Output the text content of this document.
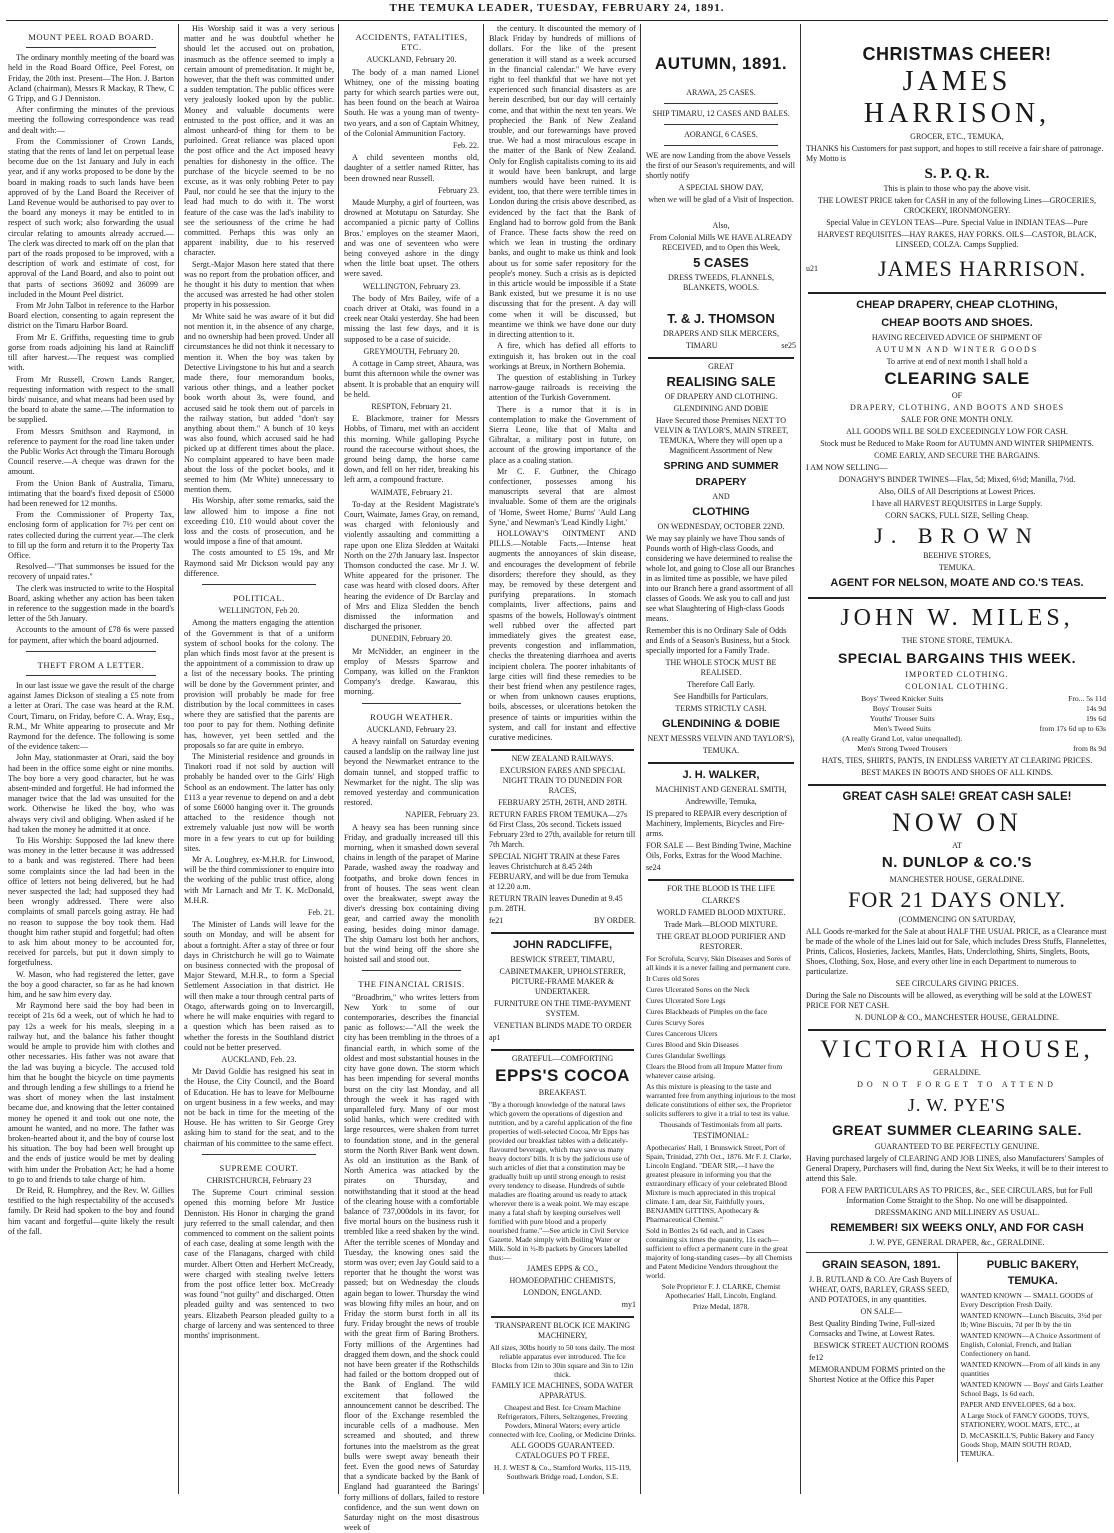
THE TEMUKA LEADER, TUESDAY, FEBRUARY 24, 1891.
MOUNT PEEL ROAD BOARD.

The ordinary monthly meeting of the board was held in the Road Board Office, Peel Forest, on Friday, the 20th inst. Present—The Hon. J. Barton Acland (chairman), Messrs R Mackay, R Thew, C G Tripp, and G J Denniston.

After confirming the minutes of the previous meeting the following correspondence was read and dealt with:—

From the Commissioner of Crown Lands, stating that the rents of land let on perpetual lease become due on the 1st January and July in each year, and if any works proposed to be done by the board in making roads to such lands have been approved of by the Land Board the Receiver of Land Revenue would be authorised to pay over to the board any moneys it may be entitled to in respect of such work; also forwarding the usual circular relating to amounts already accrued.—The clerk was directed to mark off on the plan that part of the roads proposed to be improved, with a description of work and estimate of cost, for approval of the Land Board, and also to point out that parts of sections 36092 and 36099 are included in the Mount Peel district.

From Mr John Talbot in reference to the Harbor Board election, consenting to again represent the district on the Timaru Harbor Board.

From Mr E. Griffiths, requesting time to grub gorse from roads adjoining his land at Raincliff till after harvest.—The request was complied with.

From Mr Russell, Crown Lands Ranger, requesting information with respect to the small birds' nuisance, and what means had been used by the board to abate the same.—The information to be supplied.

From Messrs Smithson and Raymond, in reference to payment for the road line taken under the Public Works Act through the Timaru Borough Council reserve.—A cheque was drawn for the amount.

From the Union Bank of Australia, Timaru, intimating that the board's fixed deposit of £5000 had been renewed for 12 months.

From the Commissioner of Property Tax, enclosing form of application for 7½ per cent on rates collected during the current year.—The clerk to fill up the form and return it to the Property Tax Office.

Resolved—"That summonses be issued for the recovery of unpaid rates."

The clerk was instructed to write to the Hospital Board, asking whether any action has been taken in reference to the suggestion made in the board's letter of the 5th January.

Accounts to the amount of £78 6s were passed for payment, after which the board adjourned.

THEFT FROM A LETTER.

In our last issue we gave the result of the charge against James Dickson of stealing a £5 note from a letter at Orari. The case was heard at the R.M. Court, Timaru, on Friday, before C. A. Wray, Esq., R.M., Mr White appearing to prosecute and Mr Raymond for the defence. The following is some of the evidence taken:—

John May, stationmaster at Orari, said the boy had been in the office some eight or nine months. The boy bore a very good character, but he was absent-minded and forgetful. He had informed the manager twice that the lad was unsuited for the work. Otherwise he liked the boy, who was always very civil and obliging. When asked if he had taken the money he admitted it at once.

To His Worship: Supposed the lad knew there was money in the letter because it was addressed to a bank and was registered. There had been some complaints since the lad had been in the office of letters not being delivered, but he had never suspected the lad; had supposed they had been wrongly addressed. There were also complaints of small parcels going astray. He had no reason to suppose the boy took them. Had thought him rather stupid and forgetful; had often to ask him about money to be accounted for, received for parcels, but put it down simply to forgetfulness.

W. Mason, who had registered the letter, gave the boy a good character, so far as he had known him, and he saw him every day.

Mr Raymond here said the boy had been in receipt of 21s 6d a week, out of which he had to pay 12s a week for his meals, sleeping in a railway hut, and the balance his father thought would be ample to provide him with clothes and other necessaries. His father was not aware that the lad was buying a bicycle. The accused told him that he bought the bicycle on time payments and through lending a few shillings to a friend he was short of money when the last instalment became due, and knowing that the letter contained money he opened it and took out one note, the amount he wanted, and no more. The father was broken-hearted about it, and the boy of course lost his situation. The boy had been well brought up and the ends of justice would be met by dealing with him under the Probation Act; he had a home to go to and friends to take charge of him.

Dr Reid, R. Humphrey, and the Rev. W. Gillies testified to the high respectability of the accused's family. Dr Reid had spoken to the boy and found him vacant and forgetful—quite likely the result of the fall.

His Worship said it was a very serious matter and he was doubtful whether he should let the accused out on probation, inasmuch as the offence seemed to imply a certain amount of premeditation. It might be, however, that the theft was committed under a sudden temptation. The public offices were very jealously looked upon by the public. Money and valuable documents were entrusted to the post office, and it was an almost unheard-of thing for them to be purloined. Great reliance was placed upon the post office and the Act imposed heavy penalties for dishonesty in the office. The purchase of the bicycle seemed to be no excuse, as it was only robbing Peter to pay Paul, nor could he see that the injury to the lead had much to do with it. The worst feature of the case was the lad's inability to see the seriousness of the crime he had committed. Perhaps this was only an apparent inability, due to his reserved character.

Sergt.-Major Mason here stated that there was no report from the probation officer, and he thought it his duty to mention that when the accused was arrested he had other stolen property in his possession.

Mr White said he was aware of it but did not mention it, in the absence of any charge, and no ownership had been proved. Under all circumstances he did not think it necessary to mention it. When the boy was taken by Detective Livingstone to his hut and a search made there, four memorandum books, various other things, and a leather pocket book worth about 3s, were found, and accused said he took them out of parcels in the railway station, but added "don't say anything about them." A bunch of 10 keys was also found, which accused said he had picked up at different times about the place. No complaint appeared to have been made about the loss of the pocket books, and it seemed to him (Mr White) unnecessary to mention them.

His Worship, after some remarks, said the law allowed him to impose a fine not exceeding £10. £10 would about cover the loss and the costs of prosecution, and he would impose a fine of that amount.

The costs amounted to £5 19s, and Mr Raymond said Mr Dickson would pay any difference.

POLITICAL.
WELLINGTON, Feb 20.

Among the matters engaging the attention of the Government is that of a uniform system of school books for the colony. The plan which finds most favor at the present is the appointment of a commission to draw up a list of the necessary books. The printing will be done by the Government printer, and provision will probably be made for free distribution by the local committees in cases where they are satisfied that the parents are too poor to pay for them. Nothing definite has, however, yet been settled and the proposals so far are quite in embryo.

The Ministerial residence and grounds in Tinakori road if not sold by auction will probably be handed over to the Girls' High School as an endowment. The latter has only £113 a year revenue to depend on and a debt of some £6000 hanging over it. The grounds attached to the residence though not extremely valuable just now will be worth more in a few years to cut up for building sites.

Mr A. Loughrey, ex-M.H.R. for Linwood, will be the third commissioner to enquire into the working of the public trust office, along with Mr Larnach and Mr T. K. McDonald, M.H.R.

Feb. 21.

The Minister of Lands will leave for the south on Monday, and will be absent for about a fortnight. After a stay of three or four days in Christchurch he will go to Waimate on business connected with the proposal of Major Steward, M.H.R., to form a Special Settlement Association in that district. He will then make a tour through central parts of Otago, afterwards going on to Invercargill, where he will make enquiries with regard to a question which has been raised as to whether the forests in the Southland district could not be better preserved.

AUCKLAND, Feb. 23.

Mr David Goldie has resigned his seat in the House, the City Council, and the Board of Education. He has to leave for Melbourne on urgent business in a few weeks, and may not be back in time for the meeting of the House. He has written to Sir George Grey asking him to stand for the seat, and to the chairman of his committee to the same effect.

SUPREME COURT.
CHRISTCHURCH, February 23

The Supreme Court criminal session opened this morning before Mr Justice Denniston. His Honor in charging the grand jury referred to the small calendar, and then commenced to comment on the salient points of each case, dealing at some length with the case of the Flanagans, charged with child murder. Albert Otten and Herbert McCready, were charged with stealing twelve letters from the post office letter box. McCready was found "not guilty" and discharged. Otten pleaded guilty and was sentenced to two years. Elizabeth Pearson pleaded guilty to a charge of larceny and was sentenced to three months' imprisonment.

ACCIDENTS, FATALITIES, ETC.
AUCKLAND, February 20.

The body of a man named Lionel Whitney, one of the missing boating party for which search parties were out, has been found on the beach at Wairoa South. He was a young man of twenty-two years, and a son of Captain Whitney, of the Colonial Ammunition Factory.

Feb. 22.

A child seventeen months old, daughter of a settler named Ritter, has been drowned near Russell.

February 23.

Maude Murphy, a girl of fourteen, was drowned at Motutapu on Saturday. She accompanied a picnic party of Collins Bros.' employes on the steamer Maori, and was one of seventeen who were being conveyed ashore in the dingy when the little boat upset. The others were saved.

WELLINGTON, February 23.

The body of Mrs Bailey, wife of a coach driver at Otaki, was found in a creek near Otaki yesterday. She had been missing the last few days, and it is supposed to be a case of suicide.

GREYMOUTH, February 20.

A cottage in Camp street, Ahaura, was burnt this afternoon while the owner was absent. It is probable that an enquiry will be held.

RESPTON, February 21.

E. Blackmore, trainer for Messrs Hobbs, of Timaru, met with an accident this morning. While galloping Psyche round the racecourse without shoes, the ground being damp, the horse came down, and fell on her rider, breaking his left arm, a compound fracture.

WAIMATE, February 21.

To-day at the Resident Magistrate's Court, Waimate, James Gray, on remand, was charged with feloniously and violently assaulting and committing a rape upon one Eliza Sledden at Waitaki North on the 27th January last. Inspector Thomson conducted the case. Mr J. W. White appeared for the prisoner. The case was heard with closed doors. After hearing the evidence of Dr Barclay and of Mrs and Eliza Sledden the bench dismissed the information and discharged the prisoner.

DUNEDIN, February 20.

Mr McNidder, an engineer in the employ of Messrs Sparrow and Company, was killed on the Frankton Company's dredge. Kawarau, this morning.

ROUGH WEATHER.
AUCKLAND, February 23.

A heavy rainfall on Saturday evening caused a landslip on the railway line just beyond the Newmarket entrance to the domain tunnel, and stopped traffic to Newmarket for the night. The slip was removed yesterday and communication restored.

NAPIER, February 23.

A heavy sea has been running since Friday, and gradually increased till this morning, when it smashed down several chains in length of the parapet of Marine Parade, washed away the roadway and footpaths, and broke down fences in front of houses. The seas went clean over the breakwater, swept away the diver's dressing box containing diving gear, and carried away the monolith easing, besides doing minor damage. The ship Oamaru lost both her anchors, but the wind being off the shore she hoisted sail and stood out.

THE FINANCIAL CRISIS.

"Broadbrim," who writes letters from New York to some of our contemporaries, describes the financial panic as follows:—"All the week the city has been trembling in the throes of a financial earth, in which some of the oldest and most substantial houses in the city have gone down. The storm which has been impending for several months burst on the city last Monday, and all through the week it has raged with unparalleled fury. Many of our most solid banks, which were credited with large resources, were shaken from turret to foundation stone, and in the general storm the North River Bank went down. As old an institution as the Bank of North America was attacked by the pirates on Thursday, and notwithstanding that it stood at the head of the clearing house with a comfortable balance of 737,000dols in its favor, for five mortal hours on the business rush it trembled like a reed shaken by the wind. After the terrible scenes of Monday and Tuesday, the knowing ones said the storm was over; even Jay Gould said to a reporter that he thought the worst was passed; but on Wednesday the clouds again began to lower. Thursday the wind was blowing fifty miles an hour, and on Friday the storm burst forth in all its fury. Friday brought the news of trouble with the great firm of Baring Brothers. Forty millions of the Argentines had dragged them down, and the shock could not have been greater if the Rothschilds had failed or the bottom dropped out of the Bank of England. The wild excitement that followed the announcement cannot be described. The floor of the Exchange resembled the incurable cells of a madhouse. Men screamed and shouted, and threw fortunes into the maelstrom as the great bulls were swept away beneath their feet. Even the good news of Saturday that a syndicate backed by the Bank of England had guaranteed the Barings' forty millions of dollars, failed to restore confidence, and the sun went down on Saturday night on the most disastrous week of

the century. It discounted the memory of Black Friday by hundreds of millions of dollars. For the like of the present generation it will stand as a week accursed in the financial calendar." We have every right to feel thankful that we have not yet experienced such financial disasters as are herein described, but our day will certainly come, and that within the next ten years. We prophecied the Bank of New Zealand trouble, and our forewarnings have proved true. We had a most miraculous escape in the matter of the Bank of New Zealand. Only for English capitalists coming to its aid it would have been bankrupt, and large numbers would have been ruined. It is evident, too, that there were terrible times in London during the crisis above described, as evidenced by the fact that the Bank of England had to borrow gold from the Bank of France. These facts show the reed on which we lean in trusting the ordinary banks, and ought to make us think and look about us for some safer repository for the people's money. Such a crisis as is depicted in this article would be impossible if a State Bank existed, but we presume it is no use discussing that for the present. A day will come when it will be discussed, but meantime we think we have done our duty in directing attention to it.

A fire, which has defied all efforts to extinguish it, has broken out in the coal workings at Breux, in Northern Bohemia.

The question of establishing in Turkey narrow-gauge railroads is receiving the attention of the Turkish Government.

There is a rumor that it is in contemplation to make the Government of Sierra Leone, like that of Malta and Gibraltar, a military post in future, on account of the growing importance of the place as a coaling station.

Mr C. F. Gutbner, the Chicago confectioner, possesses among his manuscripts several that are almost invaluable. Some of them are the originals of 'Home, Sweet Home,' Burns' 'Auld Lang Syne,' and Newman's 'Lead Kindly Light.'

HOLLOWAY'S OINTMENT AND PILLS.—Notable Facts.—Intense heat augments the annoyances of skin disease, and encourages the development of febrile disorders; therefore they should, as they may, be removed by these detergent and purifying preparations. In stomach complaints, liver affections, pains and spasms of the bowels, Holloway's ointment well rubbed over the affected part immediately gives the greatest ease, prevents congestion and inflammation, checks the threatening diarrhoea and averts incipient cholera. The poorer inhabitants of large cities will find these remedies to be their best friend when any pestilence rages, or when from unknown causes eruptions, boils, abscesses, or ulcerations betoken the presence of taints or impurities within the system, and call for instant and effective curative medicines.

NEW ZEALAND RAILWAYS.

EXCURSION FARES AND SPECIAL NIGHT TRAIN TO DUNEDIN FOR RACES,

FEBRUARY 25TH, 26TH, AND 28TH.

RETURN FARES FROM TEMUKA—27s 6d First Class, 20s second. Tickets issued February 23rd to 27th, available for return till 7th March.

SPECIAL NIGHT TRAIN at these Fares leaves Christchurch at 8.45 24th FEBRUARY, and will be due from Temuka at 12.20 a.m.

RETURN TRAIN leaves Dunedin at 9.45 p.m. 28TH.

fe21	BY ORDER.

JOHN RADCLIFFE,

BESWICK STREET, TIMARU,

CABINETMAKER, UPHOLSTERER, PICTURE-FRAME MAKER & UNDERTAKER.

FURNITURE ON THE TIME-PAYMENT SYSTEM.

VENETIAN BLINDS MADE TO ORDER

ap1

GRATEFUL—COMFORTING

EPPS'S COCOA

BREAKFAST.

"By a thorough knowledge of the natural laws which govern the operations of digestion and nutrition, and by a careful application of the fine properties of well-selected Cocoa, Mr Epps has provided our breakfast tables with a delicately-flavoured beverage, which may save us many heavy doctors' bills. It is by the judicious use of such articles of diet that a constitution may be gradually built up until strong enough to resist every tendency to disease. Hundreds of subtle maladies are floating around us ready to attack wherever there is a weak point. We may escape many a fatal shaft by keeping ourselves well fortified with pure blood and a properly nourished frame."—See article in Civil Service Gazette. Made simply with Boiling Water or Milk. Sold in ½-lb packets by Grocers labelled thus:—

JAMES EPPS & CO.,

HOMOEOPATHIC CHEMISTS,

LONDON, ENGLAND.

my1

TRANSPARENT BLOCK ICE MAKING MACHINERY,

All sizes, 30lbs hourly to 50 tons daily. The most reliable apparatus ever introduced. The Ice Blocks from 12in to 30in square and 3in to 12in thick.

FAMILY ICE MACHINES, SODA WATER APPARATUS.

Cheapest and Best. Ice Cream Machine Refrigerators, Filters, Seltzogenes, Freezing Powders, Mineral Waters; every article connected with Ice, Cooling, or Medicine Drinks.

ALL GOODS GUARANTEED. CATALOGUES PO T FREE.

H. J. WEST & Co., Stamford Works, 115-119, Southwark Bridge road, London, S.E.

AUTUMN, 1891.

ARAWA, 25 CASES.

SHIP TIMARU, 12 CASES AND BALES.

AORANGI, 6 CASES.

WE are now Landing from the above Vessels the first of our Season's requirements, and will shortly notify

A SPECIAL SHOW DAY,

when we will be glad of a Visit of Inspection.

Also,

From Colonial Mills WE HAVE ALREADY RECEIVED, and to Open this Week,

5 CASES

DRESS TWEEDS, FLANNELS, BLANKETS, WOOLS.

T. & J. THOMSON

DRAPERS AND SILK MERCERS,

TIMARU	se25

GREAT

REALISING SALE

OF DRAPERY AND CLOTHING.

GLENDINING AND DOBIE

Have Secured those Premises NEXT TO VELVIN & TAYLOR'S, MAIN STREET, TEMUKA, Where they will open up a Magnificent Assortment of New

SPRING AND SUMMER DRAPERY

AND

CLOTHING

ON WEDNESDAY, OCTOBER 22ND.

We may say plainly we have Thou sands of Pounds worth of High-class Goods, and considering we have determined to realise the whole lot, and going to Close all our Branches in as limited time as possible, we have piled into our Branch here a grand assortment of all classes of Goods. We ask you to call and just see what Slaughtering of High-class Goods means.

Remember this is no Ordinary Sale of Odds and Ends of a Season's Business, but a Stock specially imported for a Family Trade.

THE WHOLE STOCK MUST BE REALISED.

Therefore Call Early.

See Handbills for Particulars.

TERMS STRICTLY CASH.

GLENDINING & DOBIE

NEXT MESSRS VELVIN AND TAYLOR'S),

TEMUKA.

J. H. WALKER,

MACHINIST AND GENERAL SMITH,

Andrewville, Temuka,

IS prepared to REPAIR every description of Machinery, Implements, Bicycles and Fire-arms.

FOR SALE — Best Binding Twine, Machine Oils, Forks, Extras for the Wood Machine.

se24

FOR THE BLOOD IS THE LIFE

CLARKE'S

WORLD FAMED BLOOD MIXTURE.

Trade Mark—BLOOD MIXTURE.

THE GREAT BLOOD PURIFIER AND RESTORER.

For Scrofula, Scurvy, Skin Diseases and Sores of all kinds it is a never failing and permanent cure.

It Cures old Sores

Cures Ulcerated Sores on the Neck

Cures Ulcerated Sore Legs

Cures Blackheads of Pimples on the face

Cures Scurvy Sores

Cures Cancerous Ulcers

Cures Blood and Skin Diseases

Cures Glandular Swellings

Clears the Blood from all Impure Matter from whatever cause arising.

As this mixture is pleasing to the taste and warranted free from anything injurious to the most delicate constitutions of either sex, the Proprietor solicits sufferers to give it a trial to test its value.

Thousands of Testimonials from all parts.

TESTIMONIAL:

Apothecaries' Hall, 1 Brunswick Street, Port of Spain, Trinidad, 27th Oct., 1876. Mr F. J. Clarke, Lincoln England. "DEAR SIR,—I have the greatest pleasure in informing you that the extraordinary efficacy of your celebrated Blood Mixture is much appreciated in this tropical climate. I am, dear Sir, Faithfully yours, BENJAMIN GITTINS, Apothecary & Pharmaceutical Chemist."

Sold in Bottles 2s 6d each, and in Cases containing six times the quantity, 11s each—sufficient to effect a permanent cure in the great majority of long-standing cases—by all Chemists and Patent Medicine Vendors throughout the world.

Sole Proprietor F. J. CLARKE, Chemist Apothecaries' Hall, Lincoln, England.

Prize Medal, 1878.

CHRISTMAS CHEER!

JAMES HARRISON,

GROCER, ETC., TEMUKA,

THANKS his Customers for past support, and hopes to still receive a fair share of patronage. My Motto is

S. P. Q. R.

This is plain to those who pay the above visit.

THE LOWEST PRICE taken for CASH in any of the following Lines—GROCERIES, CROCKERY, IRONMONGERY.

Special Value in CEYLON TEAS—Pure. Special Value in INDIAN TEAS—Pure

HARVEST REQUISITES—HAY RAKES, HAY FORKS. OILS—CASTOR, BLACK, LINSEED, COLZA. Camps Supplied.

u21	JAMES HARRISON.

CHEAP DRAPERY, CHEAP CLOTHING,

CHEAP BOOTS AND SHOES.

HAVING RECEIVED ADVICE OF SHIPMENT OF

AUTUMN AND WINTER GOODS

To arrive at end of next month I shall hold a

CLEARING SALE

OF

DRAPERY, CLOTHING, AND BOOTS AND SHOES

SALE FOR ONE MONTH ONLY.

ALL GOODS WILL BE SOLD EXCEEDINGLY LOW FOR CASH.

Stock must be Reduced to Make Room for AUTUMN AND WINTER SHIPMENTS.

COME EARLY, AND SECURE THE BARGAINS.

I AM NOW SELLING—

DONAGHY'S BINDER TWINES—Flax, 5d; Mixed, 6½d; Manilla, 7½d.

Also, OILS of All Descriptions at Lowest Prices.

I have all HARVEST REQUISITES in Large Supply.

CORN SACKS, FULL SIZE, Selling Cheap.

J. BROWN

BEEHIVE STORES,

TEMUKA.

AGENT FOR NELSON, MOATE AND CO.'S TEAS.

JOHN W. MILES,

THE STONE STORE, TEMUKA.

SPECIAL BARGAINS THIS WEEK.

IMPORTED CLOTHING.

COLONIAL CLOTHING.

Boys' Tweed Knicker Suits	Fro... 5s 11d
Boys' Trouser Suits	14s 9d
Youths' Trouser Suits	19s 6d
Men's Tweed Suits	from 17s 6d up to 63s
(A really Grand Lot, value unequalled).	
Men's Strong Tweed Trousers	from 8s 9d

HATS, TIES, SHIRTS, PANTS, IN ENDLESS VARIETY AT CLEARING PRICES.

BEST MAKES IN BOOTS AND SHOES OF ALL KINDS.

GREAT CASH SALE! GREAT CASH SALE!

NOW ON

AT

N. DUNLOP & CO.'S

MANCHESTER HOUSE, GERALDINE.

FOR 21 DAYS ONLY.

(COMMENCING ON SATURDAY,

ALL Goods re-marked for the Sale at about HALF THE USUAL PRICE, as a Clearance must be made of the whole of the Lines laid out for Sale, which includes Dress Stuffs, Flannelettes, Prints, Calicos, Hosieries, Jackets, Mantles, Hats, Underclothing, Shirts, Singlets, Boots, Shoes, Clothing, Sox, Hose, and every other line in each Department to numerous to particularize.

SEE CIRCULARS GIVING PRICES.

During the Sale no Discounts will be allowed, as everything will be sold at the LOWEST PRICE FOR NET CASH.

N. DUNLOP & CO., MANCHESTER HOUSE, GERALDINE.

VICTORIA HOUSE,

GERALDINE.

DO NOT FORGET TO ATTEND

J. W. PYE'S

GREAT SUMMER CLEARING SALE.

GUARANTEED TO BE PERFECTLY GENUINE.

Having purchased largely of CLEARING AND JOB LINES, also Manufacturers' Samples of General Drapery, Purchasers will find, during the Next Six Weeks, it will be to their interest to attend this Sale.

FOR A FEW PARTICULARS AS TO PRICES, &c., SEE CIRCULARS, but for Full Information Come Straight to the Shop. No one will be disappointed.

DRESSMAKING AND MILLINERY AS USUAL.

REMEMBER! SIX WEEKS ONLY, AND FOR CASH

J. W. PYE, GENERAL DRAPER, &c., GERALDINE.

GRAIN SEASON, 1891.

J. B. RUTLAND & CO. Are Cash Buyers of WHEAT, OATS, BARLEY, GRASS SEED, AND POTATOES, in any quantities.

ON SALE—

Best Quality Binding Twine, Full-sized Cornsacks and Twine, at Lowest Rates.

BESWICK STREET AUCTION ROOMS

fe12

MEMORANDUM FORMS printed on the Shortest Notice at the Office this Paper

PUBLIC BAKERY, TEMUKA.

WANTED KNOWN — SMALL GOODS of Every Description Fresh Daily.

WANTED KNOWN—Lunch Biscuits, 3½d per lb; Wine Biscuits, 7d per lb by the tin

WANTED KNOWN—A Choice Assortment of English, Colonial, French, and Italian Confectionery on hand.

WANTED KNOWN—From of all kinds in any quantities

WANTED KNOWN — Boys' and Girls Leather School Bags, 1s 6d each.

PAPER AND ENVELOPES, 6d a box.

A Large Stock of FANCY GOODS, TOYS, STATIONERY, WOOL MATS, ETC., at

D. McCASKILL'S, Public Bakery and Fancy Goods Shop, MAIN SOUTH ROAD, TEMUKA.
